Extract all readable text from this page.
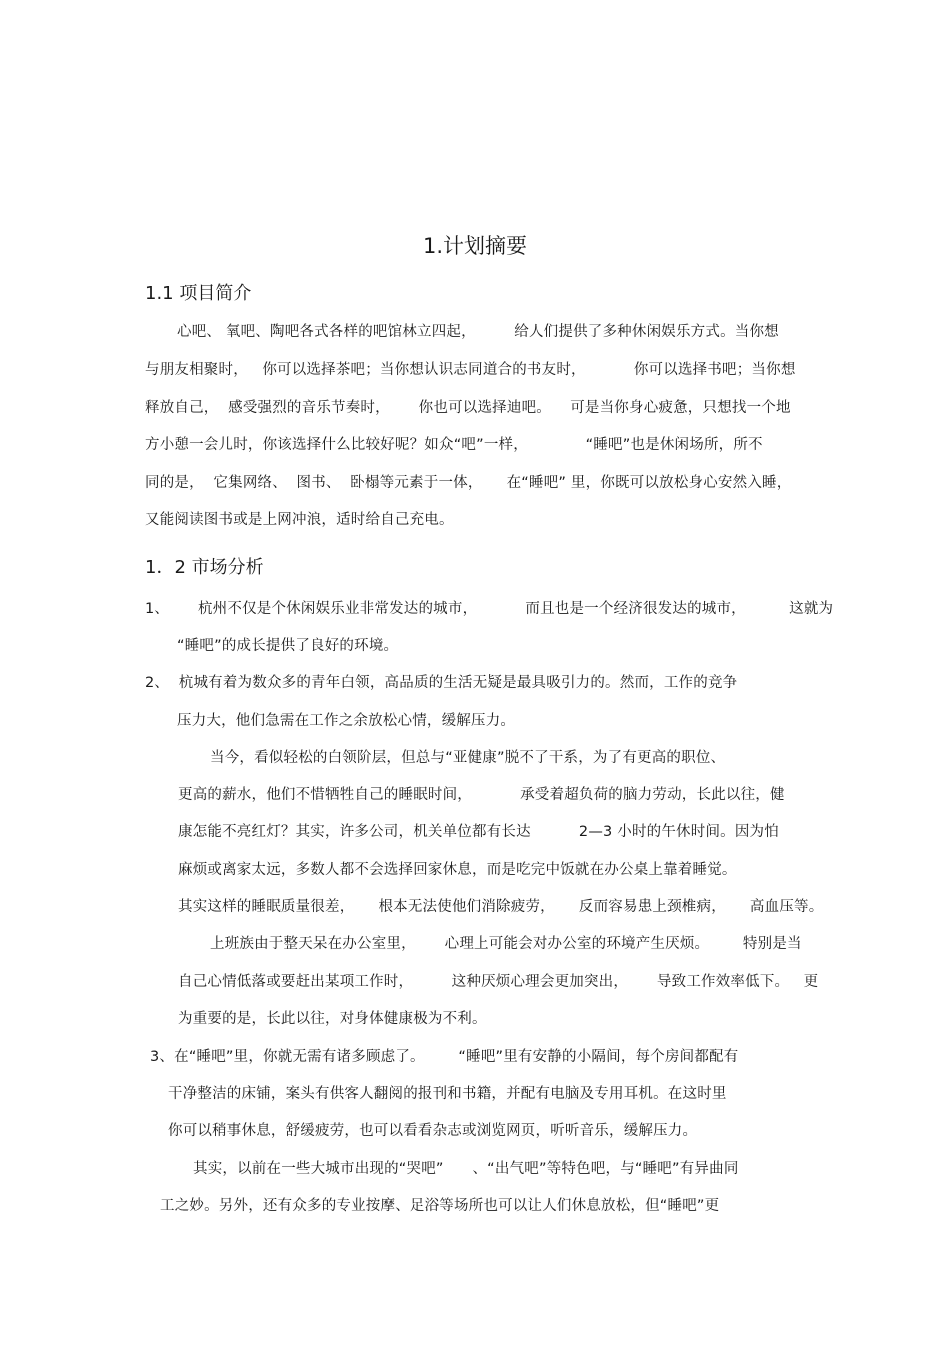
1.计划摘要
1.1 项目简介
心吧、 氧吧、陶吧各式各样的吧馆林立四起，        给人们提供了多种休闲娱乐方式。当你想
与朋友相聚时，   你可以选择茶吧；当你想认识志同道合的书友时，          你可以选择书吧；当你想
释放自己，  感受强烈的音乐节奏时，      你也可以选择迪吧。    可是当你身心疲惫，只想找一个地
方小憩一会儿时，你该选择什么比较好呢？如众“吧”一样，            “睡吧”也是休闲场所，所不
同的是，  它集网络、  图书、  卧榻等元素于一体，     在“睡吧” 里，你既可以放松身心安然入睡，
又能阅读图书或是上网冲浪，适时给自己充电。
1．2 市场分析
1、      杭州不仅是个休闲娱乐业非常发达的城市，          而且也是一个经济很发达的城市，         这就为
“睡吧”的成长提供了良好的环境。
2、  杭城有着为数众多的青年白领，高品质的生活无疑是最具吸引力的。然而，工作的竞争
压力大，他们急需在工作之余放松心情，缓解压力。
当今，看似轻松的白领阶层，但总与“亚健康”脱不了干系，为了有更高的职位、
更高的薪水，他们不惜牺牲自己的睡眠时间，          承受着超负荷的脑力劳动，长此以往，健
康怎能不亮红灯？其实，许多公司，机关单位都有长达          2—3 小时的午休时间。因为怕
麻烦或离家太远，多数人都不会选择回家休息，而是吃完中饭就在办公桌上靠着睡觉。
其实这样的睡眠质量很差，     根本无法使他们消除疲劳，     反而容易患上颈椎病，     高血压等。
上班族由于整天呆在办公室里，      心理上可能会对办公室的环境产生厌烦。       特别是当
自己心情低落或要赶出某项工作时，        这种厌烦心理会更加突出，      导致工作效率低下。   更
为重要的是，长此以往，对身体健康极为不利。
3、在“睡吧”里，你就无需有诸多顾虑了。       “睡吧”里有安静的小隔间，每个房间都配有
干净整洁的床铺，案头有供客人翻阅的报刊和书籍，并配有电脑及专用耳机。在这时里
你可以稍事休息，舒缓疲劳，也可以看看杂志或浏览网页，听听音乐，缓解压力。
其实，以前在一些大城市出现的“哭吧”      、“出气吧”等特色吧，与“睡吧”有异曲同
工之妙。另外，还有众多的专业按摩、足浴等场所也可以让人们休息放松，但“睡吧”更
